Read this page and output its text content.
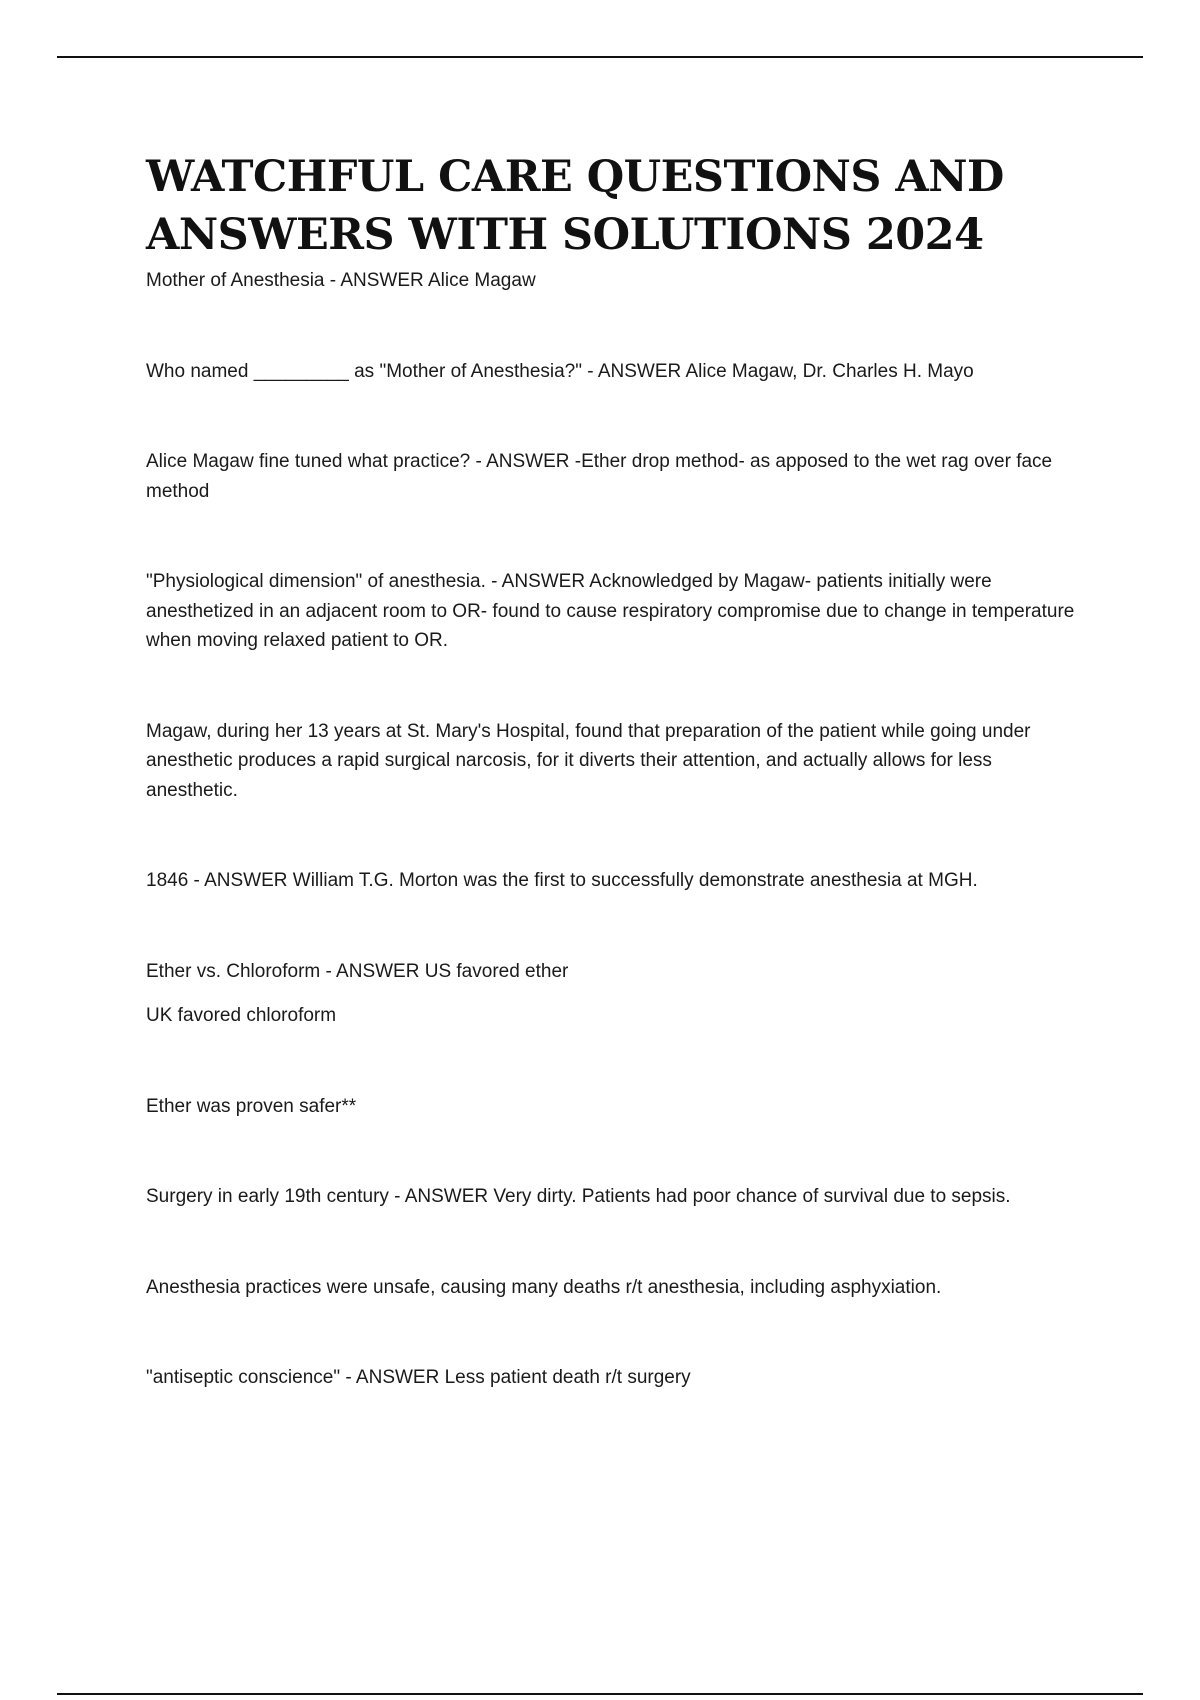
WATCHFUL CARE QUESTIONS AND
ANSWERS WITH SOLUTIONS 2024

Mother of Anesthesia - ANSWER Alice Magaw

Who named _________ as "Mother of Anesthesia?" - ANSWER Alice Magaw, Dr. Charles H. Mayo

Alice Magaw fine tuned what practice? - ANSWER -Ether drop method- as apposed to the wet rag over face method

"Physiological dimension" of anesthesia. - ANSWER Acknowledged by Magaw- patients initially were anesthetized in an adjacent room to OR- found to cause respiratory compromise due to change in temperature when moving relaxed patient to OR.

Magaw, during her 13 years at St. Mary's Hospital, found that preparation of the patient while going under anesthetic produces a rapid surgical narcosis, for it diverts their attention, and actually allows for less anesthetic.

1846 - ANSWER William T.G. Morton was the first to successfully demonstrate anesthesia at MGH.

Ether vs. Chloroform - ANSWER US favored ether

UK favored chloroform

Ether was proven safer**

Surgery in early 19th century - ANSWER Very dirty. Patients had poor chance of survival due to sepsis.

Anesthesia practices were unsafe, causing many deaths r/t anesthesia, including asphyxiation.

"antiseptic conscience" - ANSWER Less patient death r/t surgery
